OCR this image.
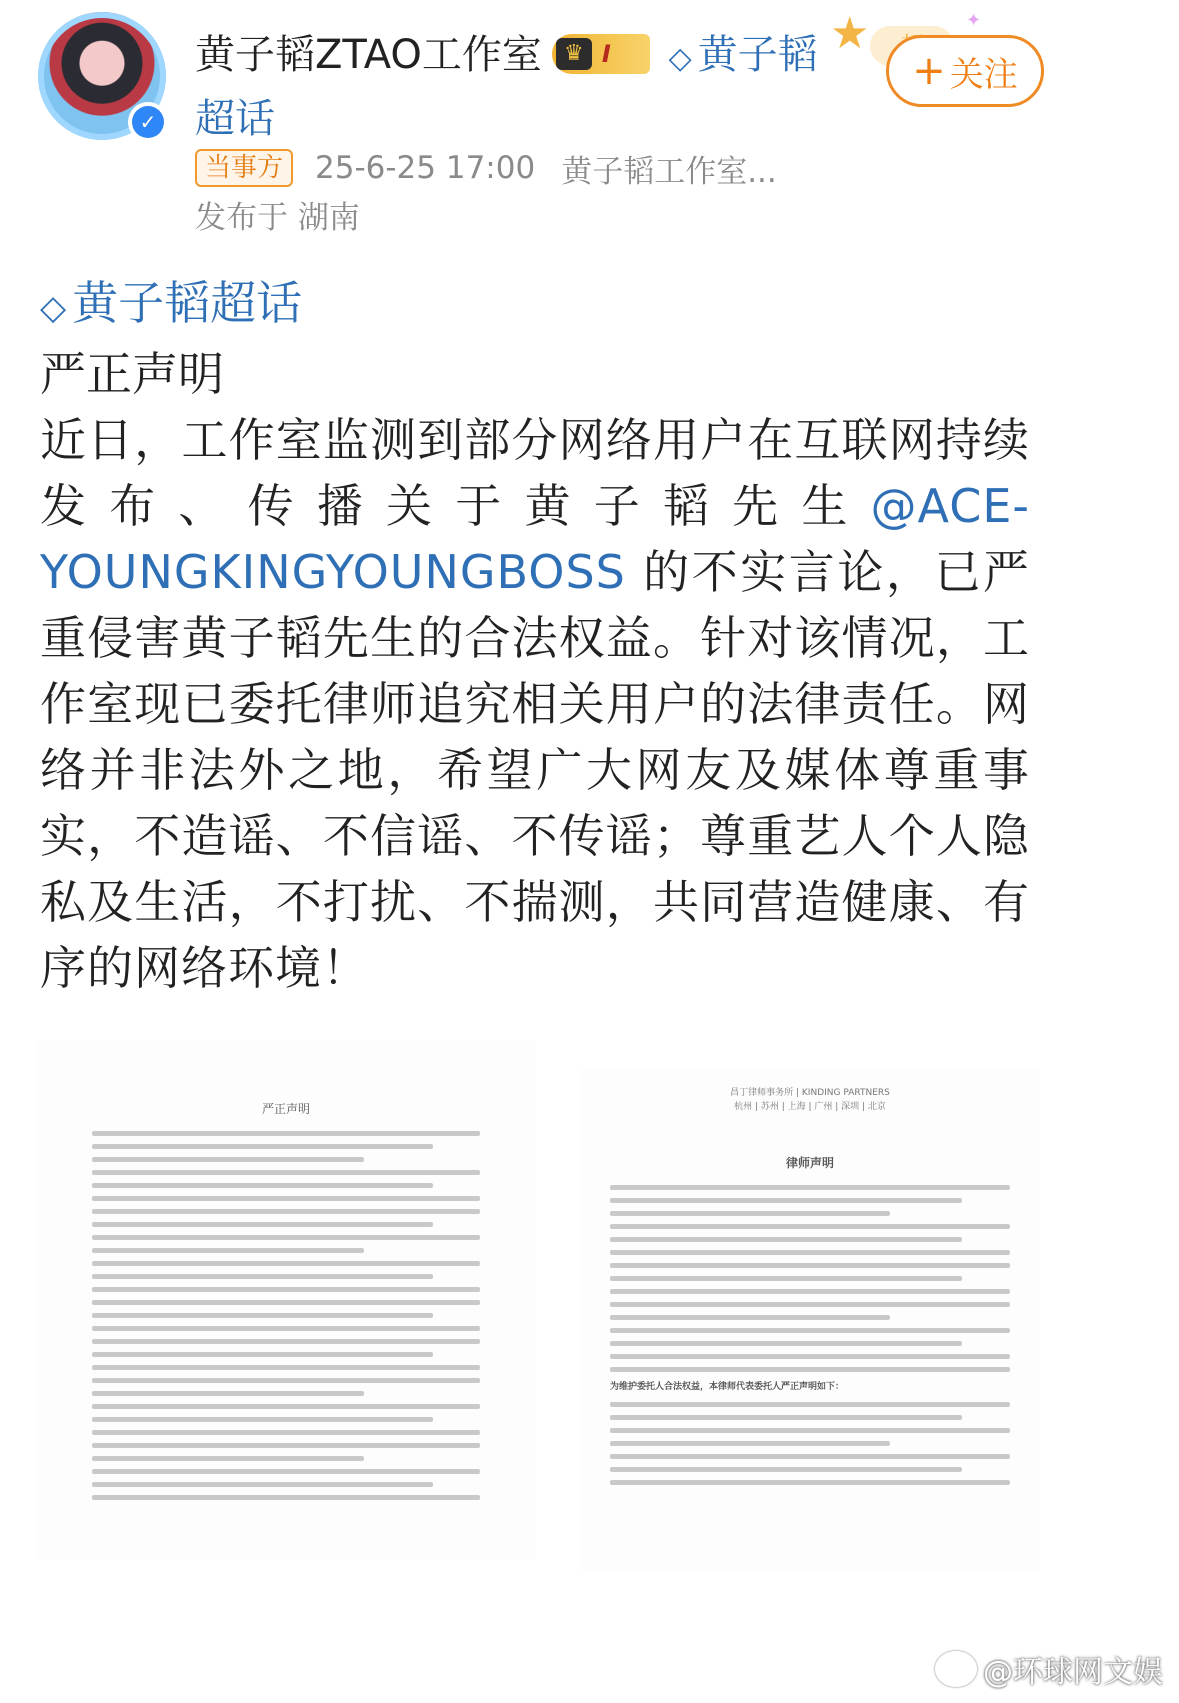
✓
黄子韬ZTAO工作室	♛ I ◇ 黄子韬超话
当事方	25-6-25 17:00 黄子韬工作室...
发布于 湖南
★	✦
+ 关注
◇ 黄子韬超话
严正声明
近日，工作室监测到部分网络用户在互联网持续发布、传播关于黄子韬先生@ACE-YOUNGKINGYOUNGBOSS 的不实言论，已严重侵害黄子韬先生的合法权益。针对该情况，工作室现已委托律师追究相关用户的法律责任。网络并非法外之地，希望广大网友及媒体尊重事实，不造谣、不信谣、不传谣；尊重艺人个人隐私及生活，不打扰、不揣测，共同营造健康、有序的网络环境！
严正声明
昌丁律师事务所 | KINDING PARTNERS
杭州 | 苏州 | 上海 | 广州 | 深圳 | 北京
律师声明
为维护委托人合法权益，本律师代表委托人严正声明如下：
@环球网文娱
